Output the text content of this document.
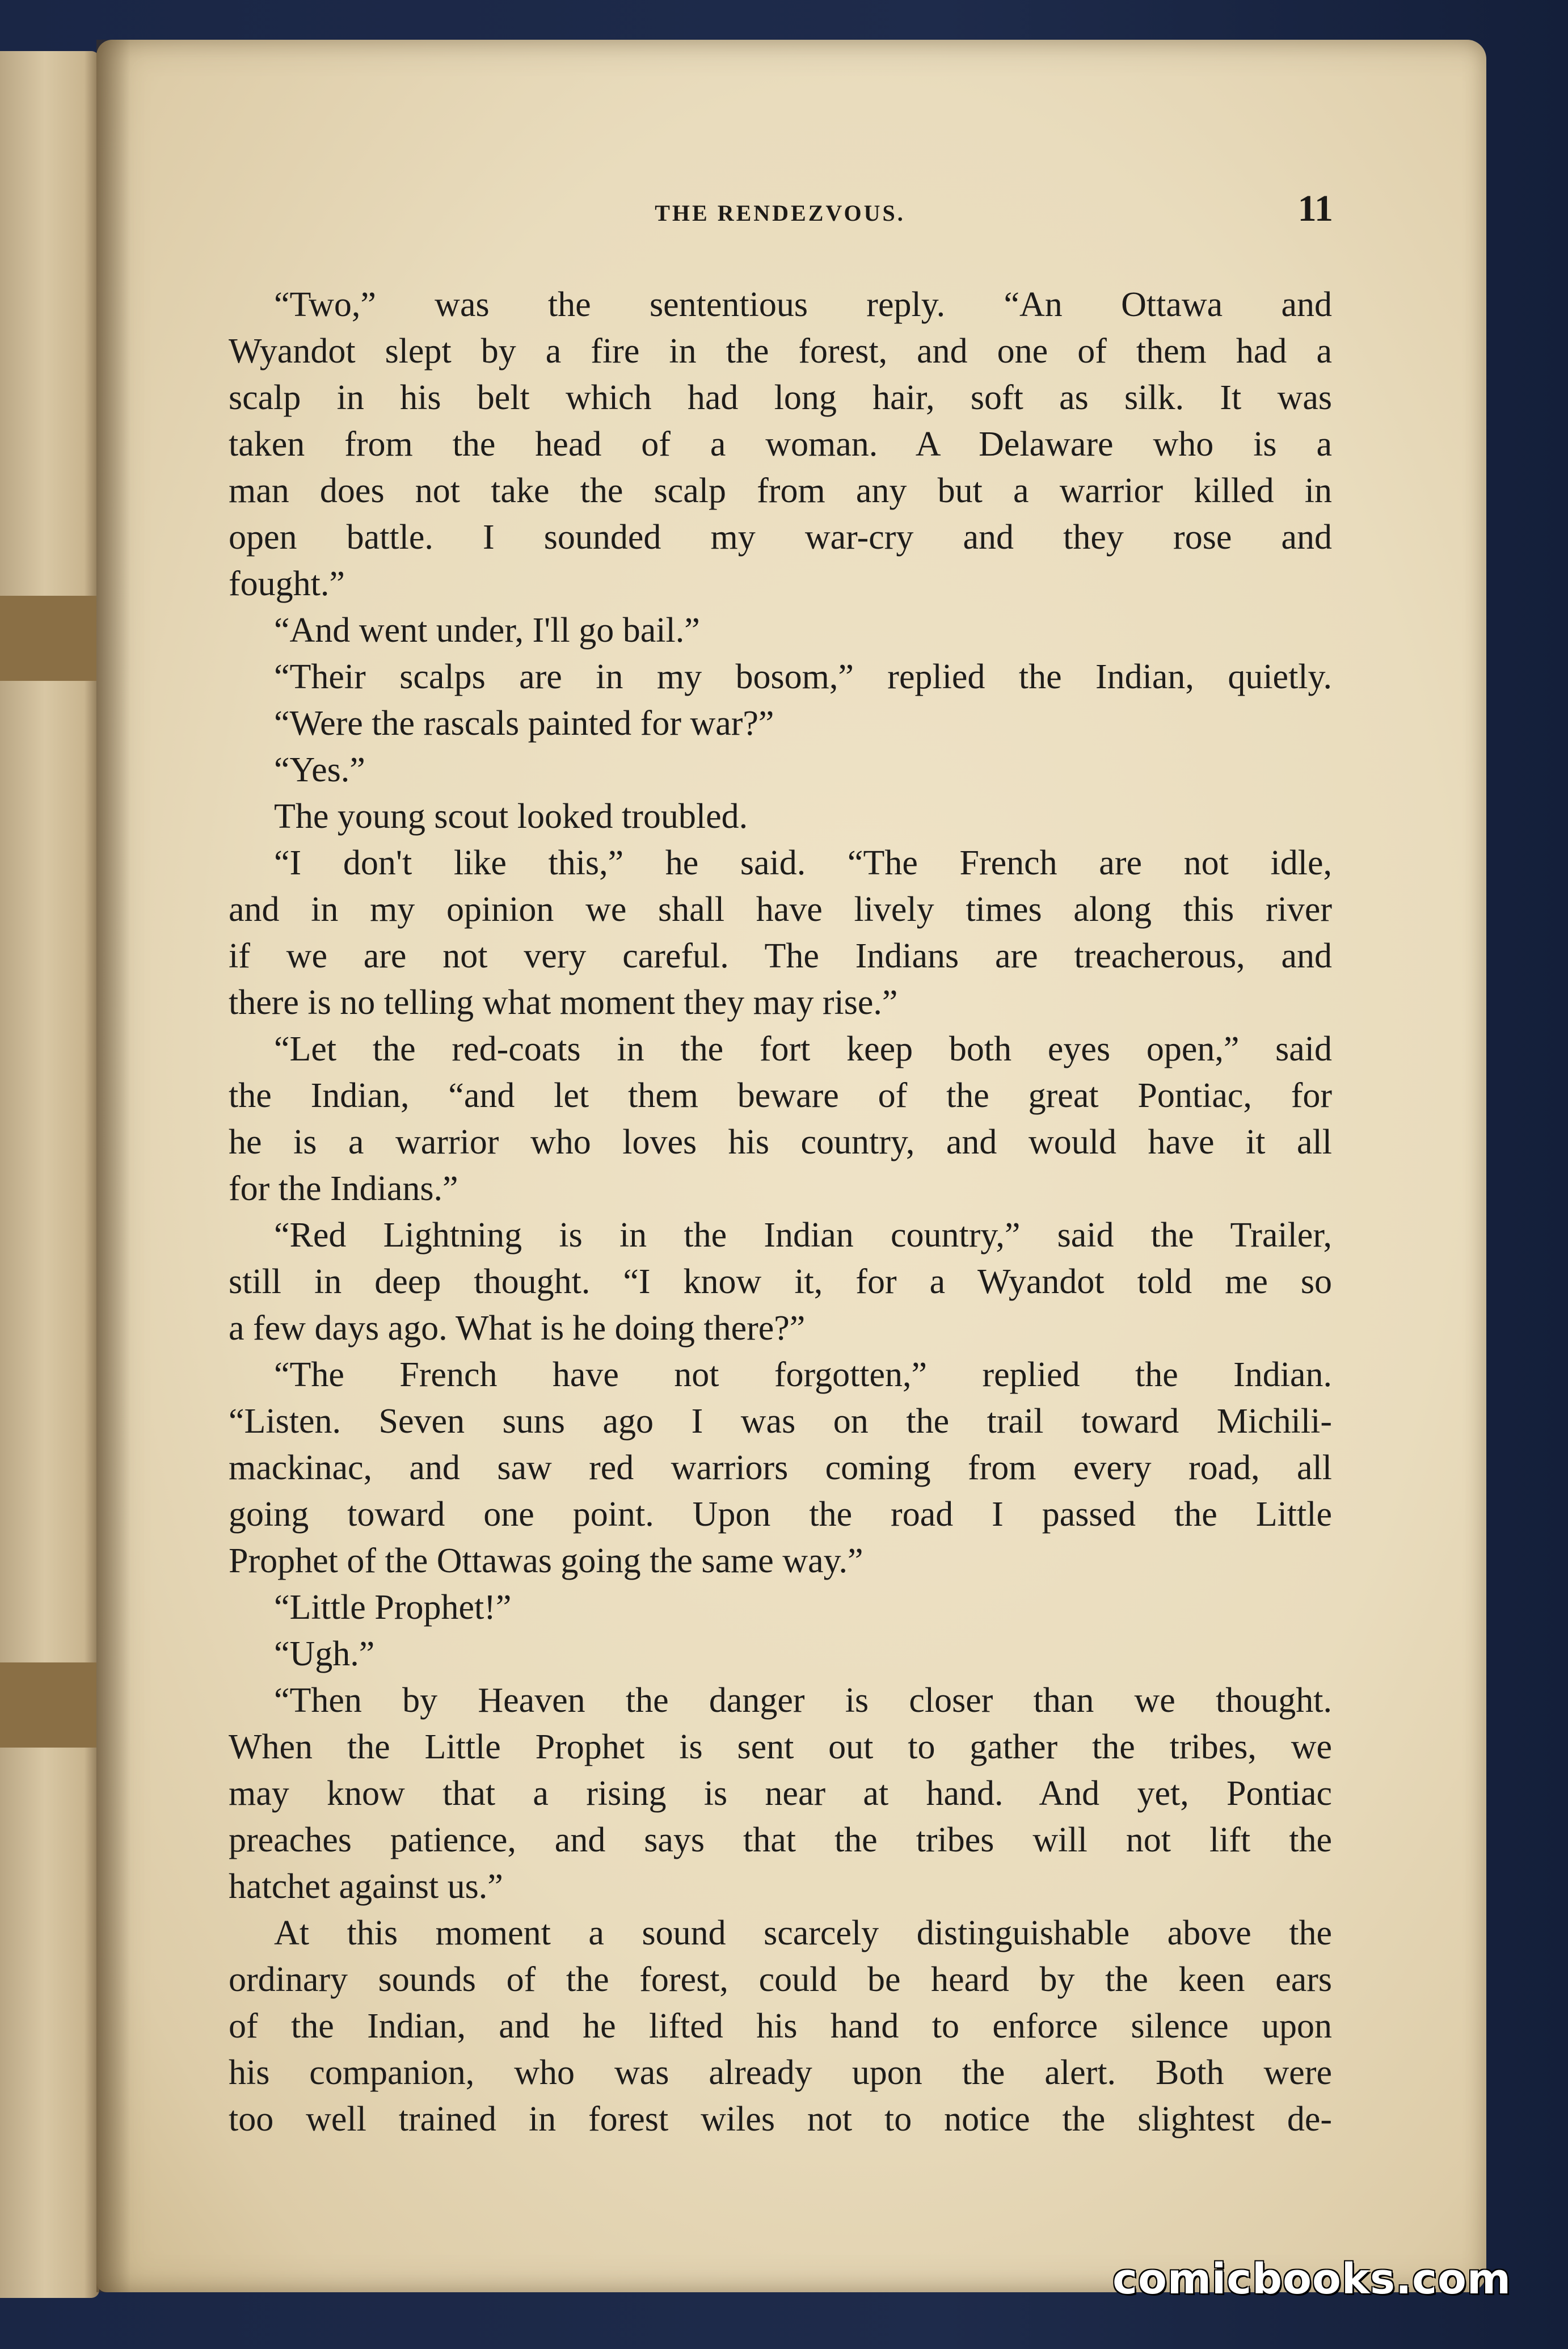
THE RENDEZVOUS.	11
“Two,” was the sententious reply. “An Ottawa and
Wyandot slept by a fire in the forest, and one of them had a
scalp in his belt which had long hair, soft as silk. It was
taken from the head of a woman. A Delaware who is a
man does not take the scalp from any but a warrior killed in
open battle. I sounded my war-cry and they rose and
fought.”
“And went under, I'll go bail.”
“Their scalps are in my bosom,” replied the Indian, quietly.
“Were the rascals painted for war?”
“Yes.”
The young scout looked troubled.
“I don't like this,” he said. “The French are not idle,
and in my opinion we shall have lively times along this river
if we are not very careful. The Indians are treacherous, and
there is no telling what moment they may rise.”
“Let the red-coats in the fort keep both eyes open,” said
the Indian, “and let them beware of the great Pontiac, for
he is a warrior who loves his country, and would have it all
for the Indians.”
“Red Lightning is in the Indian country,” said the Trailer,
still in deep thought. “I know it, for a Wyandot told me so
a few days ago. What is he doing there?”
“The French have not forgotten,” replied the Indian.
“Listen. Seven suns ago I was on the trail toward Michili-
mackinac, and saw red warriors coming from every road, all
going toward one point. Upon the road I passed the Little
Prophet of the Ottawas going the same way.”
“Little Prophet!”
“Ugh.”
“Then by Heaven the danger is closer than we thought.
When the Little Prophet is sent out to gather the tribes, we
may know that a rising is near at hand. And yet, Pontiac
preaches patience, and says that the tribes will not lift the
hatchet against us.”
At this moment a sound scarcely distinguishable above the
ordinary sounds of the forest, could be heard by the keen ears
of the Indian, and he lifted his hand to enforce silence upon
his companion, who was already upon the alert. Both were
too well trained in forest wiles not to notice the slightest de-
comicbooks.com
